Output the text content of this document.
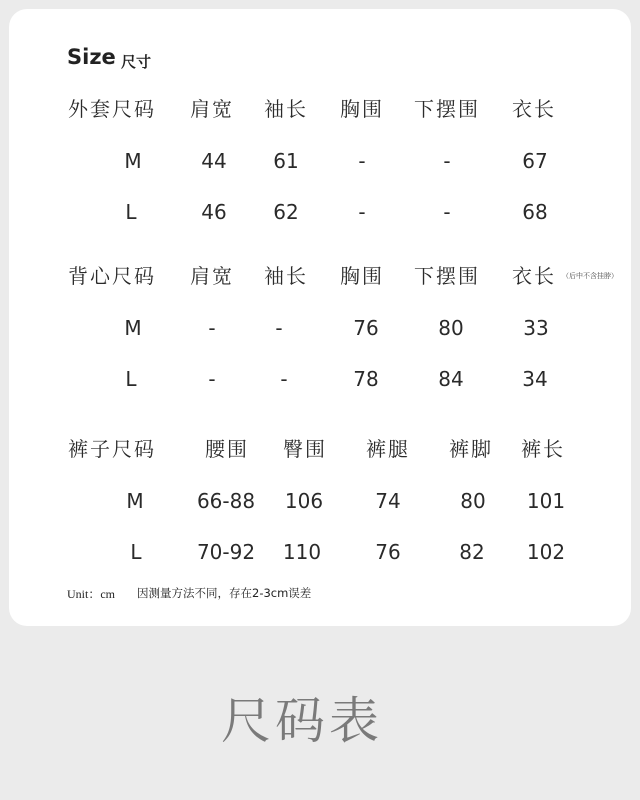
Size 尺寸
外套尺码 肩宽 袖长 胸围 下摆围 衣长
M	44 61	-	-	67
L	46 62	-	-	68
背心尺码 肩宽 袖长 胸围 下摆围 衣长 （后中不含挂脖）
M	-	-	76	80	33
L	-	-	78	84	34
裤子尺码 腰围 臀围 裤腿 裤脚 裤长
M	66-88 106	74	80 101
L	70-92 110	76	82 102
Unit：cm 因测量方法不同，存在2-3cm误差
尺码表
